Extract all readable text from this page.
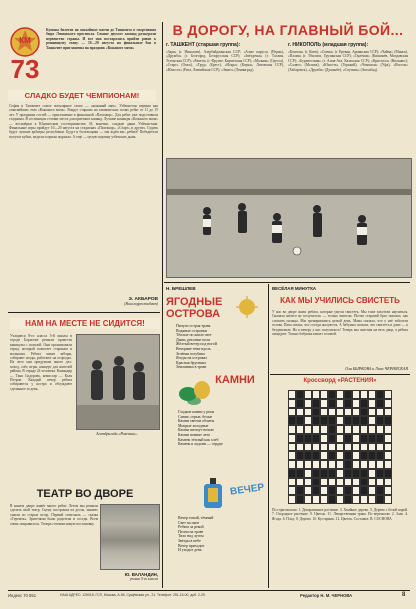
КМ
73
Купоны билетов на хоккейные матчи до Ташкента в спортивном бюро Ленинского проспекта. Свыше двухсот команд разыграли первенство страны. И все они постарались прийти ровно к решающему этапу. — 10—20 августа на финальные бои в Ташкенте приглашены на праздник «Кожаного мяча»
СЛАДКО БУДЕТ ЧЕМПИОНАМ!
София в Ташкенте самое популярное слово — «кожаный мяч». Узбекистан первым как опытнейших этап «Кожаного мяча». Вокруг старших на ташкентских полях ребят от 11 до 15 лет. У праздника гостей — приглашение в финальной «Пахтакор». Для ребят уже подготовили стадионы. В гостиницах готовят места для приезжих команд. Лучшие команды «Кожаного мяча» — восьмёрки в Юношеском гостеприимстве. И, конечно, сладкие дыни Узбекистана. Финальные игры пройдут 10—20 августа на стадионах «Пахтакор», «Старт» и других. Судить будут лучшие арбитры республики. Будут и болельщики — мы ждём вас, ребята! Победители получат кубки, медали и призы журнала. А ещё — целую корзину узбекских дынь.
Э. АКБАРОВ
(Наш корреспондент)
В ДОРОГУ, НА ГЛАВНЫЙ БОЙ...
г. ТАШКЕНТ (старшая группа):
«Заря» (г. Николаев), Азербайджанская ССР; «Алые паруса» (Пермь), «Дружба» (г. Белгород, Белорусская ССР); «Звёздочка» (г. Таллин, Эстонская ССР); «Ракета» (г. Фрунзе, Киргизская ССР); «Молния» (Одесса), «Старт» (Омск), «Труд» (Брест), «Искра» (Каунас, Литовская ССР), «Юность» (Рига, Латвийская ССР); «Зенит» (Ленинград).
г. НИКОПОЛЬ (младшая группа):
«Каштан» (г. Киев), «Смена» (г. Ереван, Армянская ССР); «Чайка» (Минск), «Пламя» (г. Тбилиси, Грузинская ССР); «Орлёнок» (Кишинёв, Молдавская ССР); «Буревестник» (г. Алма-Ата, Казахская ССР); «Кристалл» (Вильнюс); «Салют» (Москва), «Юность» (Горький), «Чемпион» (Уфа), «Восток» (Хабаровск), «Дружба» (Душанбе), «Спутник» (Ашхабад).
НАМ НА МЕСТЕ НЕ СИДИТСЯ!
Учащиеся 8-го класса 5-й школы в городе Борисове решили провести каникулы с пользой. Они организовали отряд, который помогает старикам и малышам. Ребята чинят заборы, собирают ягоды, работают на огородах. На лето они придумали много дел: поход, слёт, игры, концерт для жителей района. В отряде 24 человека. Командир — Таня Сидорова, комиссар — Коля Петров. Каждый вечер ребята собираются у костра и обсуждают сделанное за день.
Агитбригада «Ровесник».
ТЕАТР ВО ДВОРЕ
В нашем дворе живёт много ребят. Летом мы решили сделать свой театр. Сцену построили из досок, занавес сшили из старых штор. Первый спектакль — сказка «Теремок». Зрителями были родители и соседи. Всем очень понравилось. Теперь готовим новую постановку.
Ю. ВАЛАНДИН,
ученик 5-го класса
Н. БРЕШЛЕВ
ЯГОДНЫЕ ОСТРОВА
Пичуги острая трава
Водяные островки
Тёплые по капле свет
Дыни, рисовые поля
Жёлтый ветер под ногой
Вечерние тени вдоль
Зелёная голубика
Ягоды на островах
Красная брусника
Земляника в траве
КАМНИ
Гладкие камни у реки
Синие, серые, белые
Камни светом облиты
Мокрые холодные
Камни шепчут ночью
Камни помнят лето
Камень тёплый как хлеб
Камень в ладони — сердце
ВЕЧЕР
Вечер тихий, тёмный
Свет на окне
Ребята за рекой
Песни на траве
Тихо над лугом
Звёзды в небе
Вечер приходит
И уходит день
ВЕСЁЛАЯ МИНУТКА
КАК МЫ УЧИЛИСЬ СВИСТЕТЬ
У нас во дворе жили ребята, которые умели свистеть. Мы тоже захотели научиться. Сначала ничего не получалось — только шипели. Потом старший брат показал, как сложить пальцы. Мы тренировались целый день. Мама сказала, что у неё заболела голова. Папа сказал, что соседи жалуются. А бабушка сказала, что свистеть в доме — к безденежью. Но к вечеру у нас получилось! Теперь мы свистим на весь двор, а ребята завидуют. Только бабушка качает головой.
Оля БЫРКОВА и Лиза ЧЕРНЯСКАЯ
Кроссворд «РАСТЕНИЯ»
По горизонтали: 1. Декоративное растение. 3. Хвойное дерево. 5. Дерево с белой корой. 7. Огородное растение. 9. Цветок. 11. Лекарственная трава. По вертикали: 2. Злак. 4. Ягода. 6. Плод. 8. Дерево. 10. Кустарник. 12. Цветок. Составил: В. СОСНОВА
Индекс 70 551	НАШ АДРЕС: 125015, ГСП, Москва, А-55, Сущёвская ул., 21. Телефон: 251-15-00, доб. 2-29.	Редактор Н. М. ЧЕРНОВА	8
